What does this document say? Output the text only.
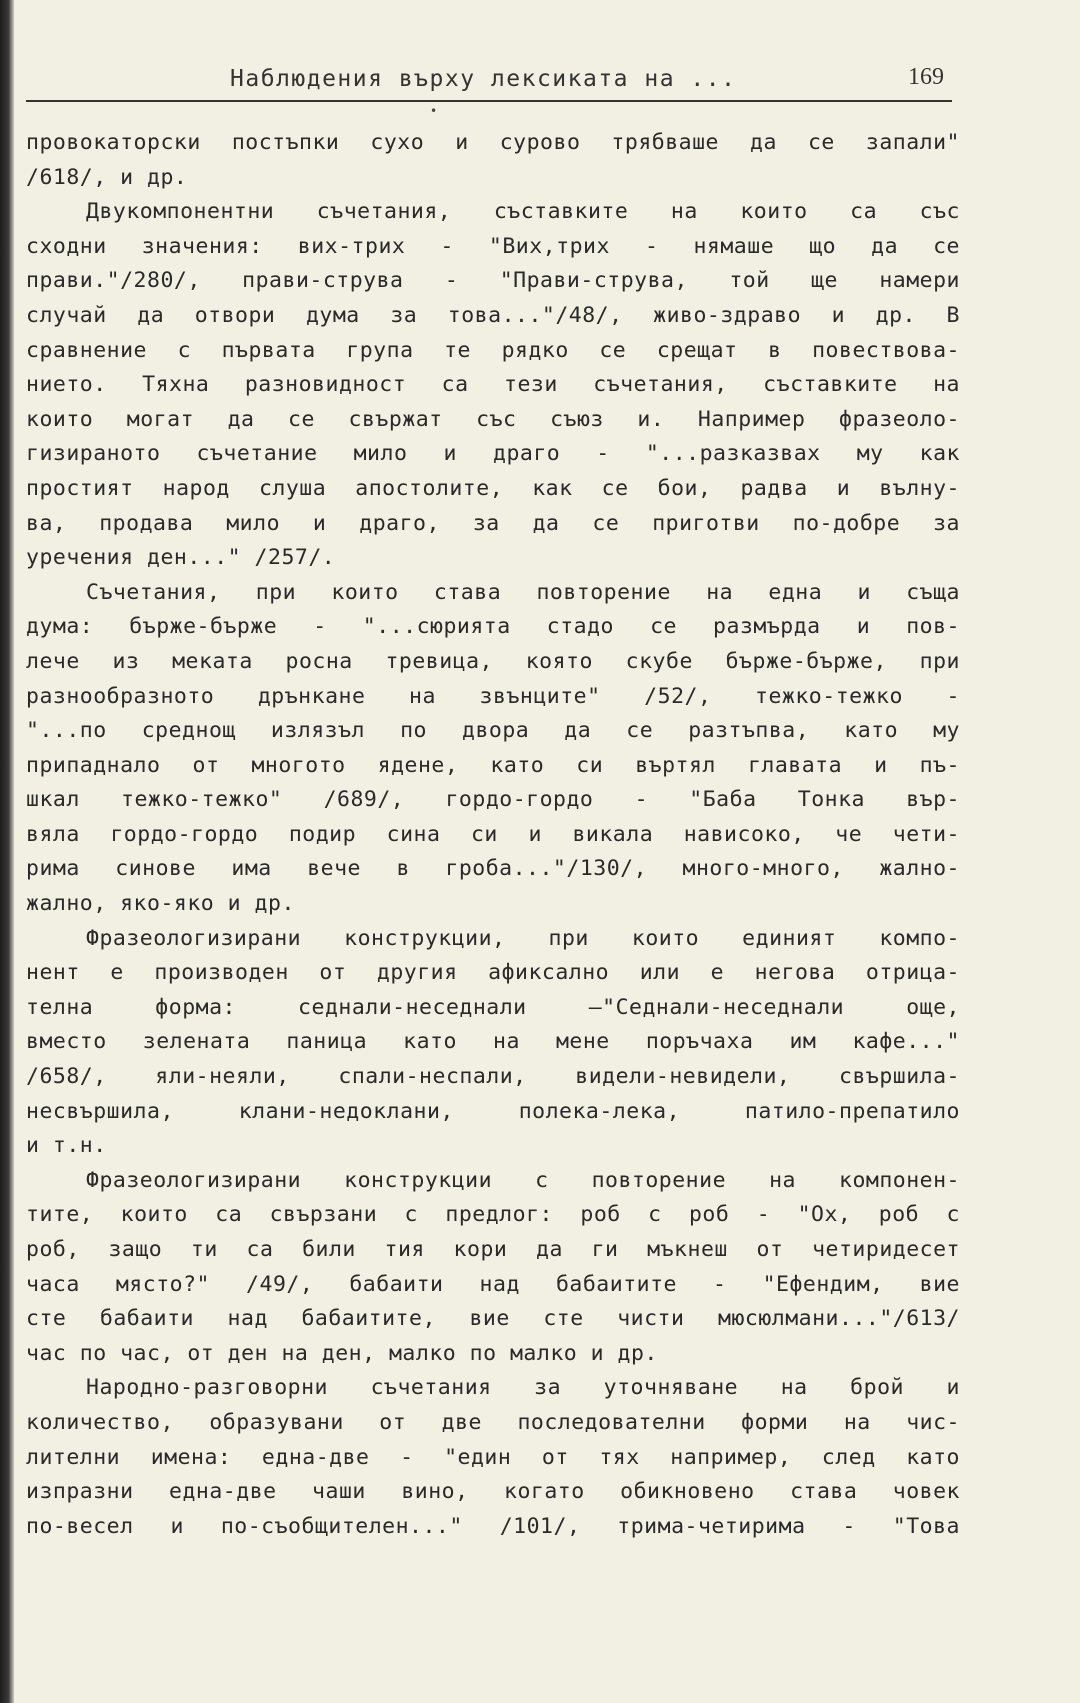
Наблюдения върху лексиката на ...	169
•
провокаторски постъпки сухо и сурово трябваше да се запали"
/618/, и др.
Двукомпонентни съчетания, съставките на които са със
сходни значения: вих-трих - "Вих,трих - нямаше що да се
прави."/280/, прави-струва - "Прави-струва, той ще намери
случай да отвори дума за това..."/48/, живо-здраво и др. В
сравнение с първата група те рядко се срещат в повествова-
нието. Тяхна разновидност са тези съчетания, съставките на
които могат да се свържат със съюз и. Например фразеоло-
гизираното съчетание мило и драго - "...разказвах му как
простият народ слуша апостолите, как се бои, радва и вълну-
ва, продава мило и драго, за да се приготви по-добре за
уречения ден..." /257/.
Съчетания, при които става повторение на една и съща
дума: бърже-бърже - "...сюрията стадо се размърда и пов-
лече из меката росна тревица, която скубе бърже-бърже, при
разнообразното дрънкане на звънците" /52/, тежко-тежко -
"...по среднощ излязъл по двора да се разтъпва, като му
припаднало от многото ядене, като си въртял главата и пъ-
шкал тежко-тежко" /689/, гордо-гордо - "Баба Тонка вър-
вяла гордо-гордо подир сина си и викала нависоко, че чети-
рима синове има вече в гроба..."/130/, много-много, жално-
жално, яко-яко и др.
Фразеологизирани конструкции, при които единият компо-
нент е производен от другия афиксално или е негова отрица-
телна форма: седнали-неседнали —"Седнали-неседнали още,
вместо зелената паница като на мене поръчаха им кафе..."
/658/, яли-неяли, спали-неспали, видели-невидели, свършила-
несвършила, клани-недоклани, полека-лека, патило-препатило
и т.н.
Фразеологизирани конструкции с повторение на компонен-
тите, които са свързани с предлог: роб с роб - "Ох, роб с
роб, защо ти са били тия кори да ги мъкнеш от четиридесет
часа място?" /49/, бабаити над бабаитите - "Ефендим, вие
сте бабаити над бабаитите, вие сте чисти мюсюлмани..."/613/
час по час, от ден на ден, малко по малко и др.
Народно-разговорни съчетания за уточняване на брой и
количество, образувани от две последователни форми на чис-
лителни имена: една-две - "един от тях например, след като
изпразни една-две чаши вино, когато обикновено става човек
по-весел и по-съобщителен..." /101/, трима-четирима - "Това
